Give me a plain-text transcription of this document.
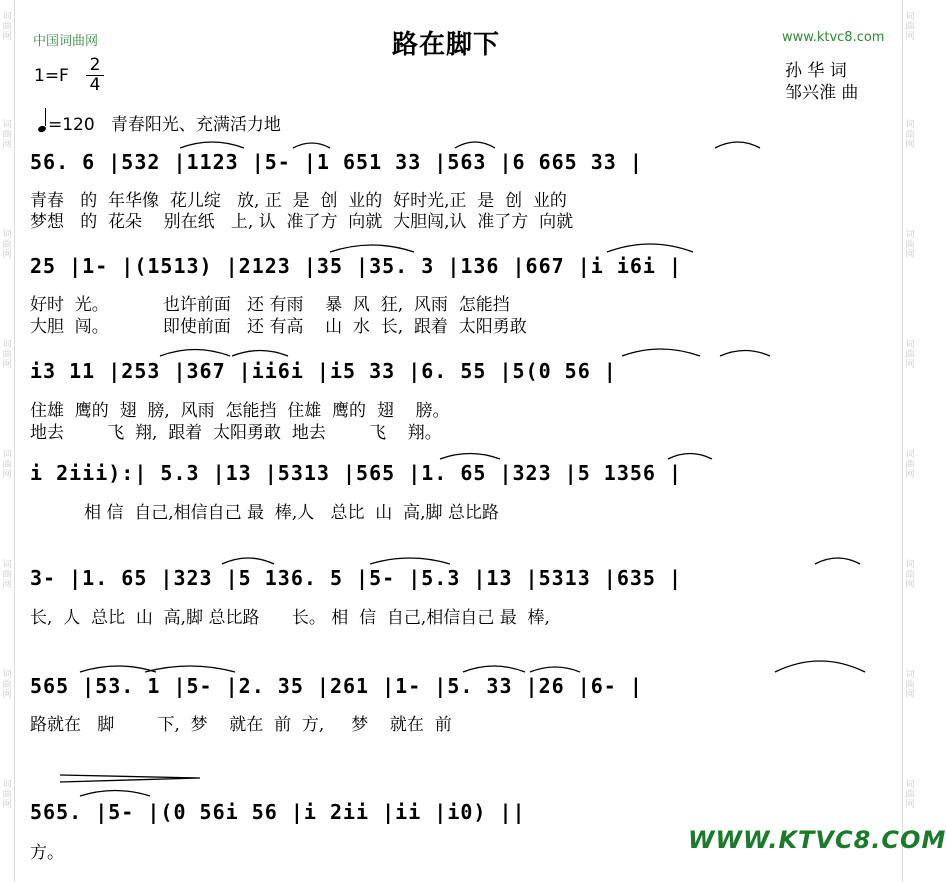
中国词曲网	www.ktvc8.com
路在脚下
$1=F \frac{2}{4}$	孙 华 词
邹兴淮 曲
=120 青春阳光、充满活力地
56. 6 |532 |1123 |5- |1 651 33 |563 |6 665 33 |
青春   的  年华像  花儿绽   放, 正  是  创  业的  好时光,正  是  创  业的
梦想   的  花朵    别在纸   上, 认  准了方  向就  大胆闯,认  准了方  向就
25 |1- |(1513) |2123 |35 |35. 3 |136 |667 |i i6i |
好时  光。          也许前面   还 有雨    暴  风  狂,  风雨  怎能挡
大胆  闯。          即使前面   还 有高    山  水  长,  跟着  太阳勇敢
i3 11 |253 |367 |ii6i |i5 33 |6. 55 |5(0 56 |
住雄  鹰的  翅  膀,  风雨  怎能挡  住雄  鹰的  翅    膀。
地去        飞  翔,  跟着  太阳勇敢  地去        飞    翔。
i 2iii):| 5.3 |13 |5313 |565 |1. 65 |323 |5 1356 |
相 信  自己,相信自己 最  棒,人   总比  山  高,脚 总比路
3- |1. 65 |323 |5 136. 5 |5- |5.3 |13 |5313 |635 |
长,  人  总比  山  高,脚 总比路      长。 相  信  自己,相信自己 最  棒,
565 |53. 1 |5- |2. 35 |261 |1- |5. 33 |26 |6- |
路就在   脚        下,  梦    就在  前  方,     梦    就在  前
565. |5- |(0 56i 56 |i 2ii |ii |i0) ||
方。	WWW.KTVC8.COM
词曲网
词曲网
词曲网
词曲网
词曲网
词曲网
词曲网
词曲网
词曲网
词曲网
词曲网
词曲网
词曲网
词曲网
词曲网
词曲网
